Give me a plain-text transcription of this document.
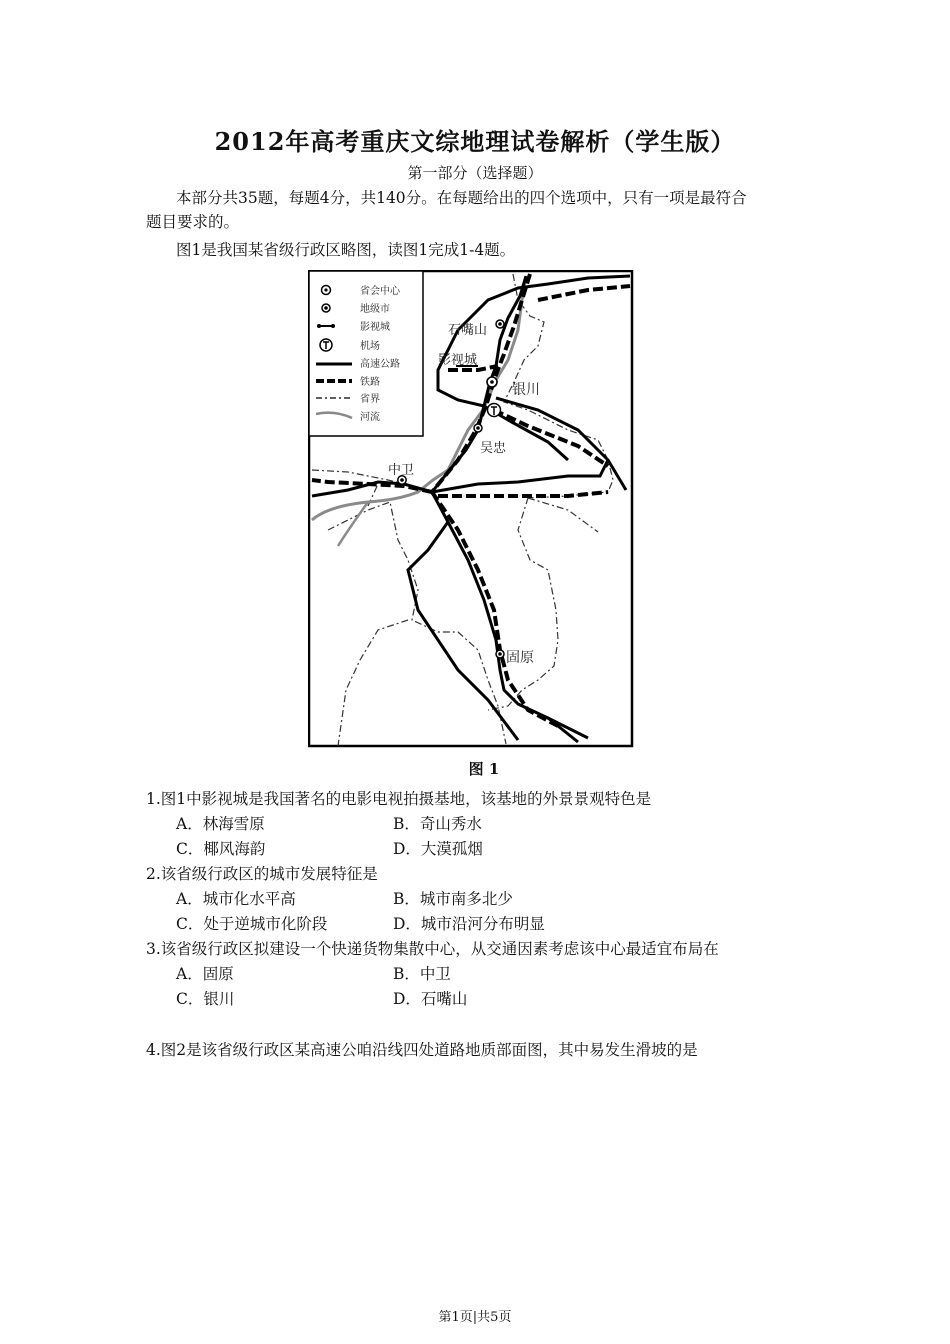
2012年高考重庆文综地理试卷解析（学生版）
第一部分（选择题）
本部分共35题，每题4分，共140分。在每题给出的四个选项中，只有一项是最符合
题目要求的。
图1是我国某省级行政区略图，读图1完成1-4题。
省会中心
地级市
影视城
机场
高速公路
铁路
省界
河流
石嘴山
影视城
银川
吴忠
中卫
固原
图 1
1.图1中影视城是我国著名的电影电视拍摄基地，该基地的外景景观特色是
A．林海雪原	B．奇山秀水
C．椰风海韵	D．大漠孤烟
2.该省级行政区的城市发展特征是
A．城市化水平高	B．城市南多北少
C．处于逆城市化阶段	D．城市沿河分布明显
3.该省级行政区拟建设一个快递货物集散中心，从交通因素考虑该中心最适宜布局在
A．固原	B．中卫
C．银川	D．石嘴山
4.图2是该省级行政区某高速公咱沿线四处道路地质部面图，其中易发生滑坡的是
第1页|共5页
